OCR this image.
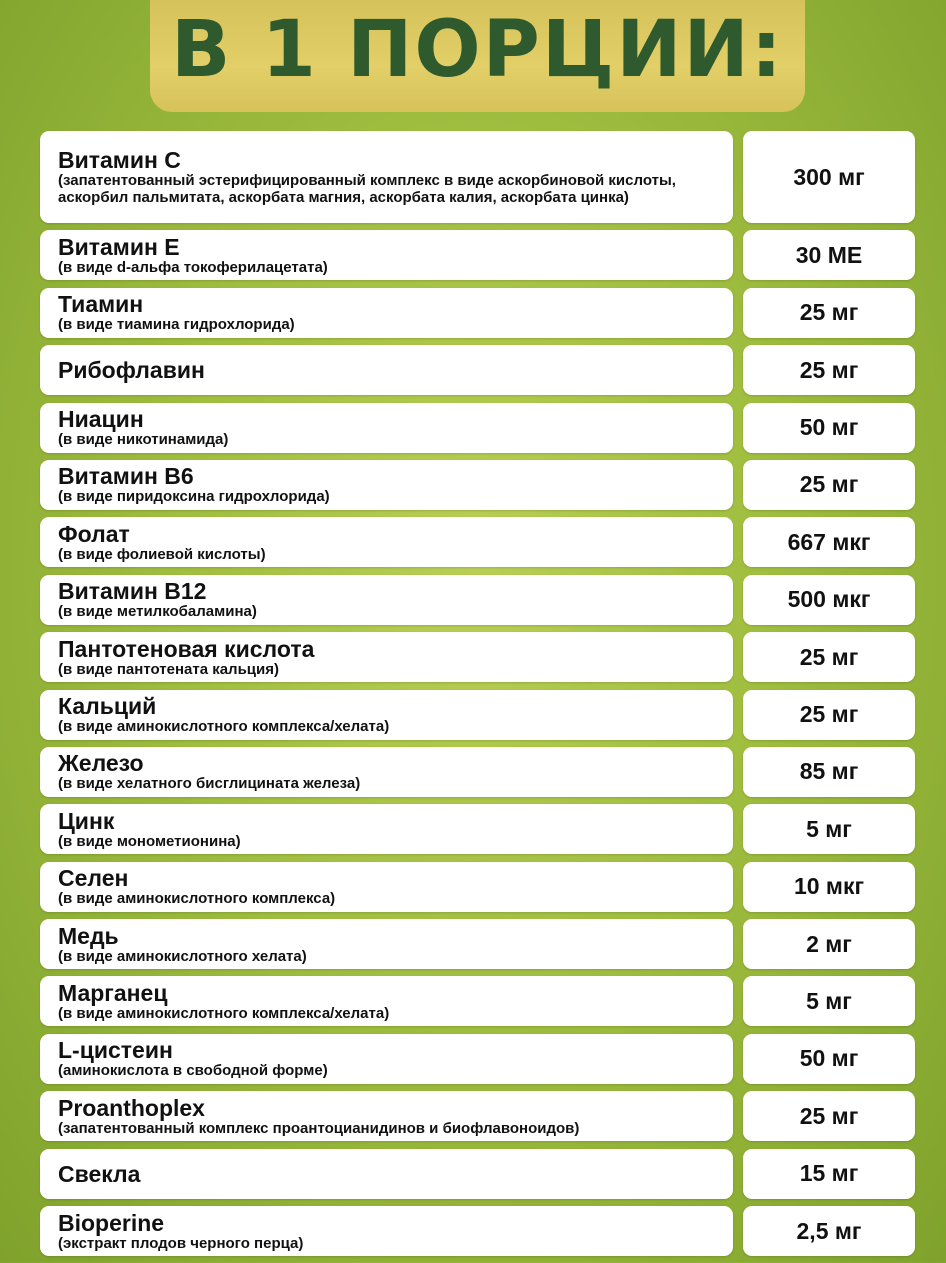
В 1 ПОРЦИИ:
Витамин С
(запатентованный эстерифицированный комплекс в виде аскорбиновой кислоты, аскорбил пальмитата, аскорбата магния, аскорбата калия, аскорбата цинка)
300 мг
Витамин Е
(в виде d-альфа токоферилацетата)	30 МЕ
Тиамин
(в виде тиамина гидрохлорида)	25 мг
Рибофлавин	25 мг
Ниацин
(в виде никотинамида)	50 мг
Витамин В6
(в виде пиридоксина гидрохлорида)	25 мг
Фолат
(в виде фолиевой кислоты)	667 мкг
Витамин В12
(в виде метилкобаламина)	500 мкг
Пантотеновая кислота
(в виде пантотената кальция)	25 мг
Кальций
(в виде аминокислотного комплекса/хелата)	25 мг
Железо
(в виде хелатного бисглицината железа)	85 мг
Цинк
(в виде монометионина)	5 мг
Селен
(в виде аминокислотного комплекса)	10 мкг
Медь
(в виде аминокислотного хелата)	2 мг
Марганец
(в виде аминокислотного комплекса/хелата)	5 мг
L-цистеин
(аминокислота в свободной форме)	50 мг
Proanthoplex
(запатентованный комплекс проантоцианидинов и биофлавоноидов)	25 мг
Свекла	15 мг
Bioperine
(экстракт плодов черного перца)	2,5 мг
